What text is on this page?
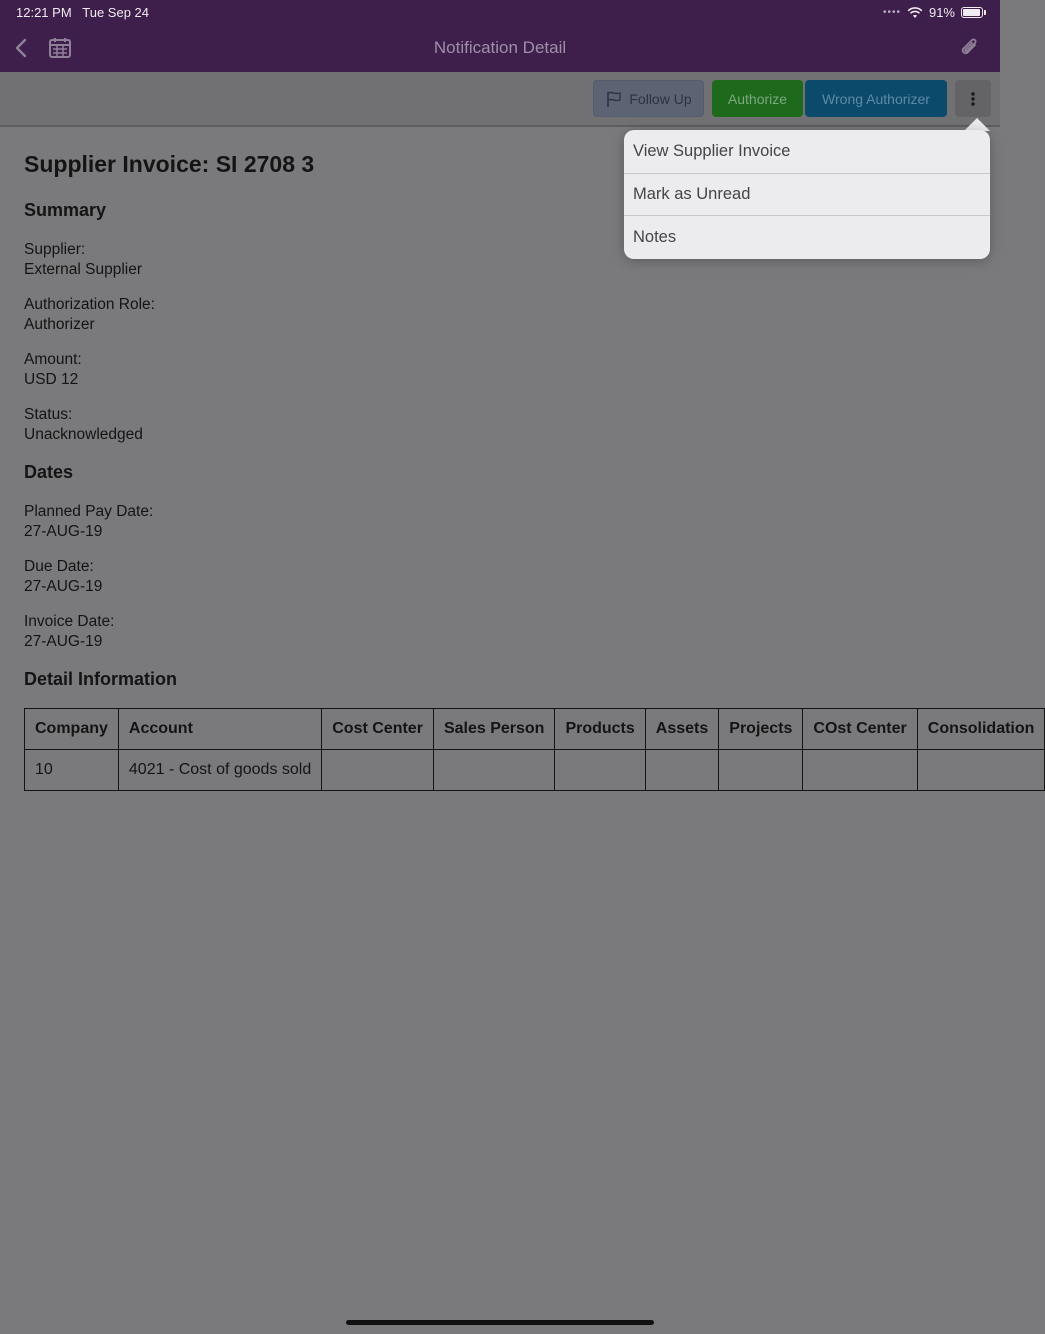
12:21 PM Tue Sep 24	•••• 91%
Notification Detail
Follow Up	Authorize	Wrong Authorizer
Supplier Invoice: SI 2708 3
Summary
Supplier:
External Supplier
Authorization Role:
Authorizer
Amount:
USD 12
Status:
Unacknowledged
Dates
Planned Pay Date:
27-AUG-19
Due Date:
27-AUG-19
Invoice Date:
27-AUG-19
Detail Information
Company	Account	Cost Center	Sales Person	Products	Assets	Projects	COst Center	Consolidation
10	4021 - Cost of goods sold							
View Supplier Invoice
Mark as Unread
Notes
